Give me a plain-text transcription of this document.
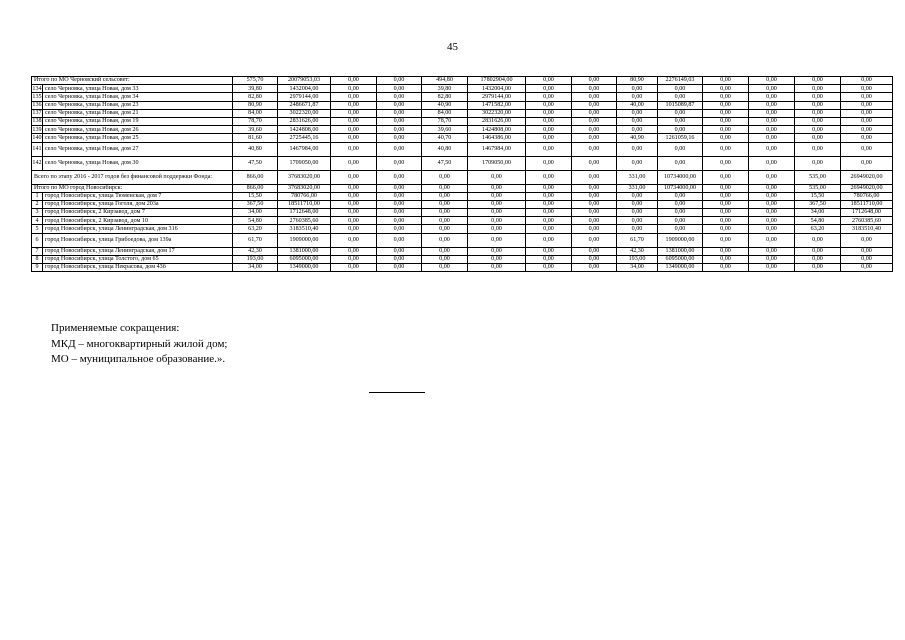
45
Итого по МО Черновский сельсовет:		575,70	20079053,03	0,00	0,00	494,80	17802904,00	0,00	0,00	80,90	2276149,03	0,00	0,00	0,00	0,00
134	село Черновка, улица Новая, дом 33	39,80	1432004,00	0,00	0,00	39,80	1432004,00	0,00	0,00	0,00	0,00	0,00	0,00	0,00	0,00
135	село Черновка, улица Новая, дом 34	82,80	2979144,00	0,00	0,00	82,80	2979144,00	0,00	0,00	0,00	0,00	0,00	0,00	0,00	0,00
136	село Черновка, улица Новая, дом 23	80,90	2486671,87	0,00	0,00	40,90	1471582,00	0,00	0,00	40,00	1015089,87	0,00	0,00	0,00	0,00
137	село Черновка, улица Новая, дом 21	84,00	3022320,00	0,00	0,00	84,00	3022320,00	0,00	0,00	0,00	0,00	0,00	0,00	0,00	0,00
138	село Черновка, улица Новая, дом 19	78,70	2831626,00	0,00	0,00	78,70	2831626,00	0,00	0,00	0,00	0,00	0,00	0,00	0,00	0,00
139	село Черновка, улица Новая, дом 26	39,60	1424808,00	0,00	0,00	39,60	1424808,00	0,00	0,00	0,00	0,00	0,00	0,00	0,00	0,00
140	село Черновка, улица Новая, дом 25	81,60	2725445,16	0,00	0,00	40,70	1464386,00	0,00	0,00	40,90	1261059,16	0,00	0,00	0,00	0,00
141	село Черновка, улица Новая, дом 27	40,80	1467984,00	0,00	0,00	40,80	1467984,00	0,00	0,00	0,00	0,00	0,00	0,00	0,00	0,00
142	село Черновка, улица Новая, дом 30	47,50	1709050,00	0,00	0,00	47,50	1709050,00	0,00	0,00	0,00	0,00	0,00	0,00	0,00	0,00
Всего по этапу 2016 - 2017 годов без финансовой поддержки Фонда:		866,00	37683020,00	0,00	0,00	0,00	0,00	0,00	0,00	331,00	10734000,00	0,00	0,00	535,00	26949020,00
Итого по МО город Новосибирск:		866,00	37683020,00	0,00	0,00	0,00	0,00	0,00	0,00	331,00	10734000,00	0,00	0,00	535,00	26949020,00
1	город Новосибирск, улица Тюменская, дом 7	15,50	780766,00	0,00	0,00	0,00	0,00	0,00	0,00	0,00	0,00	0,00	0,00	15,50	780766,00
2	город Новосибирск, улица Гоголя, дом 203а	367,50	18511710,00	0,00	0,00	0,00	0,00	0,00	0,00	0,00	0,00	0,00	0,00	367,50	18511710,00
3	город Новосибирск, 2 Кирзавод, дом 7	34,00	1712648,00	0,00	0,00	0,00	0,00	0,00	0,00	0,00	0,00	0,00	0,00	34,00	1712648,00
4	город Новосибирск, 2 Кирзавод, дом 10	54,80	2760385,60	0,00	0,00	0,00	0,00	0,00	0,00	0,00	0,00	0,00	0,00	54,80	2760385,60
5	город Новосибирск, улица Ленинградская, дом 316	63,20	3183510,40	0,00	0,00	0,00	0,00	0,00	0,00	0,00	0,00	0,00	0,00	63,20	3183510,40
6	город Новосибирск, улица Грибоедова, дом 139а	61,70	1909000,00	0,00	0,00	0,00	0,00	0,00	0,00	61,70	1909000,00	0,00	0,00	0,00	0,00
7	город Новосибирск, улица Ленинградская, дом 17	42,30	1381000,00	0,00	0,00	0,00	0,00	0,00	0,00	42,30	1381000,00	0,00	0,00	0,00	0,00
8	город Новосибирск, улица Толстого, дом 65	193,00	6095000,00	0,00	0,00	0,00	0,00	0,00	0,00	193,00	6095000,00	0,00	0,00	0,00	0,00
9	город Новосибирск, улица Некрасова, дом 43б	34,00	1349000,00	0,00	0,00	0,00	0,00	0,00	0,00	34,00	1349000,00	0,00	0,00	0,00	0,00
Применяемые сокращения:
МКД – многоквартирный жилой дом;
МО – муниципальное образование.».
